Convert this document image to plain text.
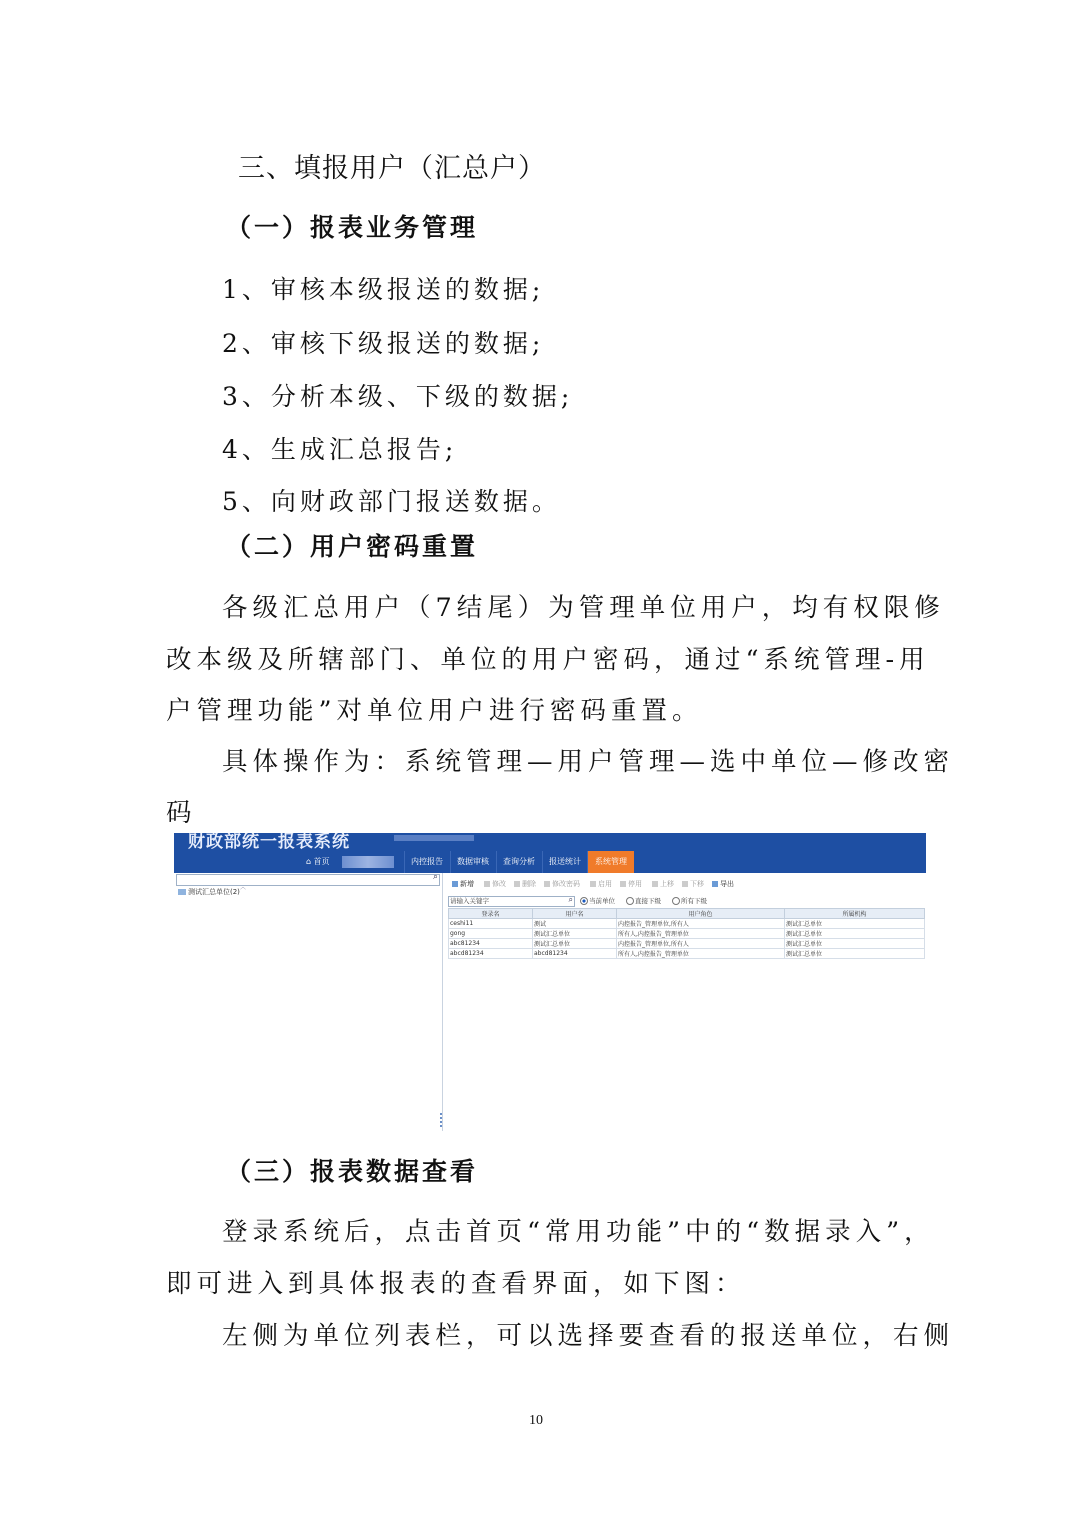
三、填报用户（汇总户）

（一）报表业务管理

1、审核本级报送的数据;

2、审核下级报送的数据;

3、分析本级、下级的数据;

4、生成汇总报告;

5、向财政部门报送数据。

（二）用户密码重置

各级汇总用户（7结尾）为管理单位用户，均有权限修

改本级及所辖部门、单位的用户密码，通过“系统管理-用

户管理功能”对单位用户进行密码重置。

具体操作为：系统管理—用户管理—选中单位—修改密

码

财政部统一报表系统
⌂ 首页	内控报告	数据审核	查询分析	报送统计	系统管理
⌕
︿
测试汇总单位(2)
新增	修改	删除	修改密码	启用	停用	上移	下移	导出
请输入关键字	⌕	当前单位	直接下级	所有下级
登录名	用户名	用户角色	所属机构
ceshi11	测试	内控报告_管理单位,所有人	测试汇总单位
gong	测试汇总单位	所有人,内控报告_管理单位	测试汇总单位
abc81234	测试汇总单位	内控报告_管理单位,所有人	测试汇总单位
abcd81234	abcd81234	所有人,内控报告_管理单位	测试汇总单位

（三）报表数据查看

登录系统后，点击首页“常用功能”中的“数据录入”，

即可进入到具体报表的查看界面，如下图：

左侧为单位列表栏，可以选择要查看的报送单位，右侧

10
